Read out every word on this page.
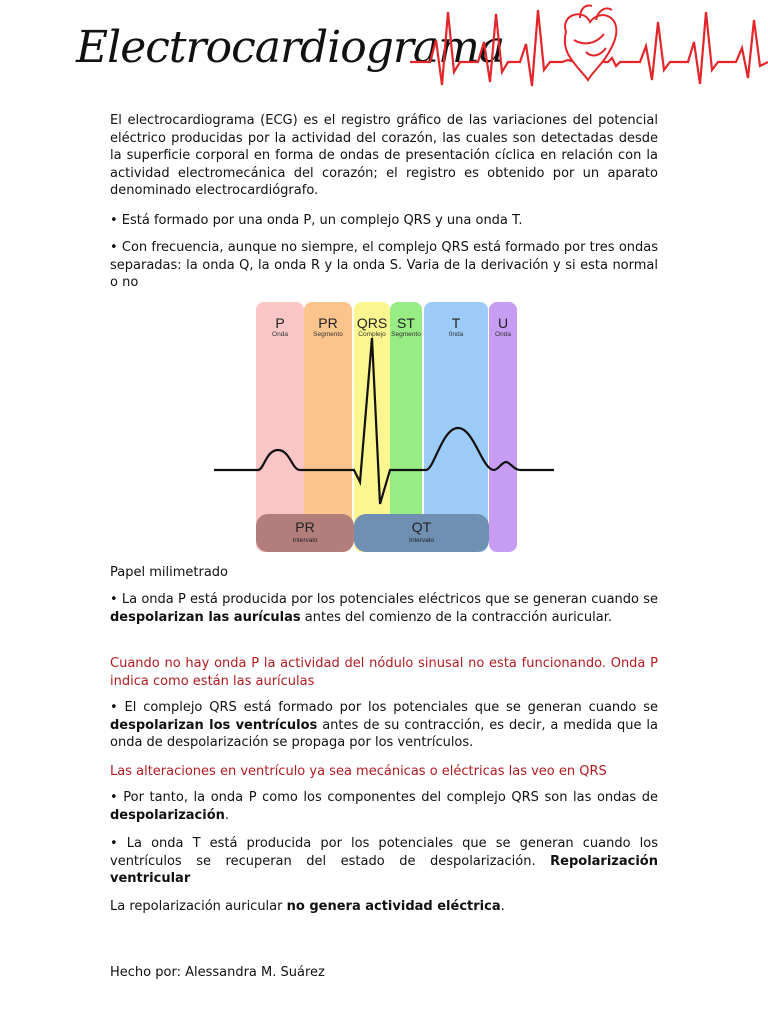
Electrocardiograma

El electrocardiograma (ECG) es el registro gráfico de las variaciones del potencial eléctrico producidas por la actividad del corazón, las cuales son detectadas desde la superficie corporal en forma de ondas de presentación cíclica en relación con la actividad electromecánica del corazón; el registro es obtenido por un aparato denominado electrocardiógrafo.

• Está formado por una onda P, un complejo QRS y una onda T.

• Con frecuencia, aunque no siempre, el complejo QRS está formado por tres ondas separadas: la onda Q, la onda R y la onda S. Varia de la derivación y si esta normal o no

P
Onda
PR
Segmento
QRS
Complejo
ST
Segmento
T
0nda
U
Onda
PR
Intervalo
QT
Intervalo

Papel milimetrado

• La onda P está producida por los potenciales eléctricos que se generan cuando se despolarizan las aurículas antes del comienzo de la contracción auricular.

Cuando no hay onda P la actividad del nódulo sinusal no esta funcionando. Onda P indica como están las aurículas

• El complejo QRS está formado por los potenciales que se generan cuando se despolarizan los ventrículos antes de su contracción, es decir, a medida que la onda de despolarización se propaga por los ventrículos.

Las alteraciones en ventrículo ya sea mecánicas o eléctricas las veo en QRS

• Por tanto, la onda P como los componentes del complejo QRS son las ondas de despolarización.

• La onda T está producida por los potenciales que se generan cuando los ventrículos se recuperan del estado de despolarización. Repolarización ventricular

La repolarización auricular no genera actividad eléctrica.

Hecho por: Alessandra M. Suárez
